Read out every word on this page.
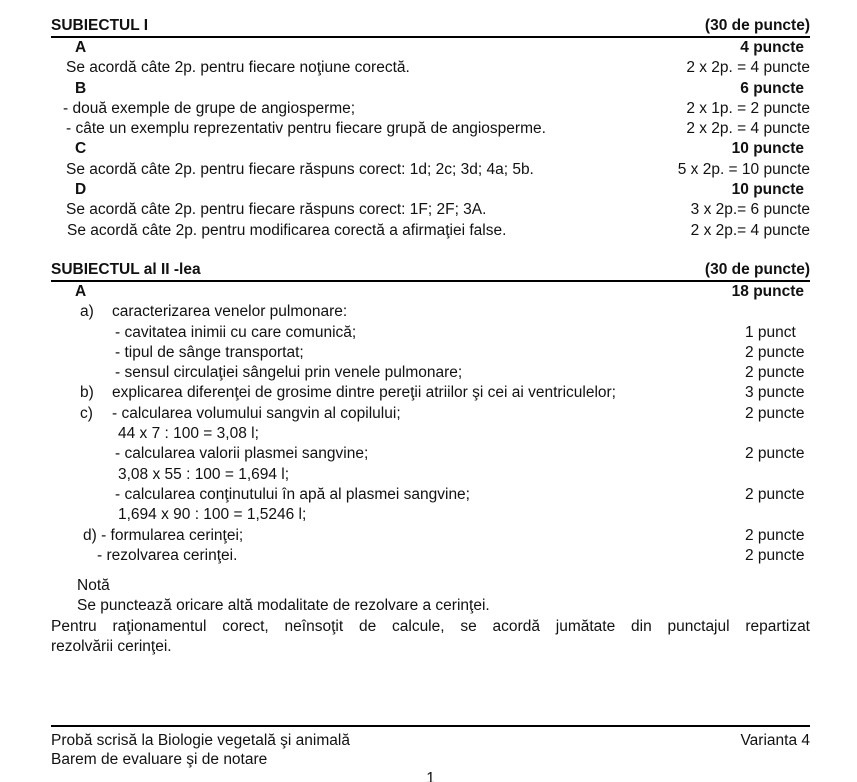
SUBIECTUL I	(30 de puncte)
A	4 puncte
Se acordă câte 2p. pentru fiecare noţiune corectă.	2 x 2p. = 4 puncte
B	6 puncte
- două exemple de grupe de angiosperme;	2 x 1p. = 2 puncte
- câte un exemplu reprezentativ pentru fiecare grupă de angiosperme.	2 x 2p. = 4 puncte
C	10 puncte
Se acordă câte 2p. pentru fiecare răspuns corect: 1d; 2c; 3d; 4a; 5b.	5 x 2p. = 10 puncte
D	10 puncte
Se acordă câte 2p. pentru fiecare răspuns corect: 1F; 2F; 3A.	3 x 2p.= 6 puncte
Se acordă câte 2p. pentru modificarea corectă a afirmaţiei false.	2 x 2p.= 4 puncte
SUBIECTUL al II -lea	(30 de puncte)
A	18 puncte
a)	caracterizarea venelor pulmonare:
- cavitatea inimii cu care comunică;	1 punct
- tipul de sânge transportat;	2 puncte
- sensul circulaţiei sângelui prin venele pulmonare;	2 puncte
b)	explicarea diferenţei de grosime dintre pereţii atriilor şi cei ai ventriculelor;	3 puncte
c)	- calcularea volumului sangvin al copilului;	2 puncte
44 x 7 : 100 = 3,08 l;
- calcularea valorii plasmei sangvine;	2 puncte
3,08 x 55 : 100 = 1,694 l;
- calcularea conţinutului în apă al plasmei sangvine;	2 puncte
1,694 x 90 : 100 = 1,5246 l;
d) - formularea cerinţei;	2 puncte
- rezolvarea cerinţei.	2 puncte
Notă
Se punctează oricare altă modalitate de rezolvare a cerinţei.
Pentru raţionamentul corect, neînsoţit de calcule, se acordă jumătate din punctajul repartizat
rezolvării cerinţei.
Probă scrisă la Biologie vegetală şi animală	Varianta 4
Barem de evaluare şi de notare
1
